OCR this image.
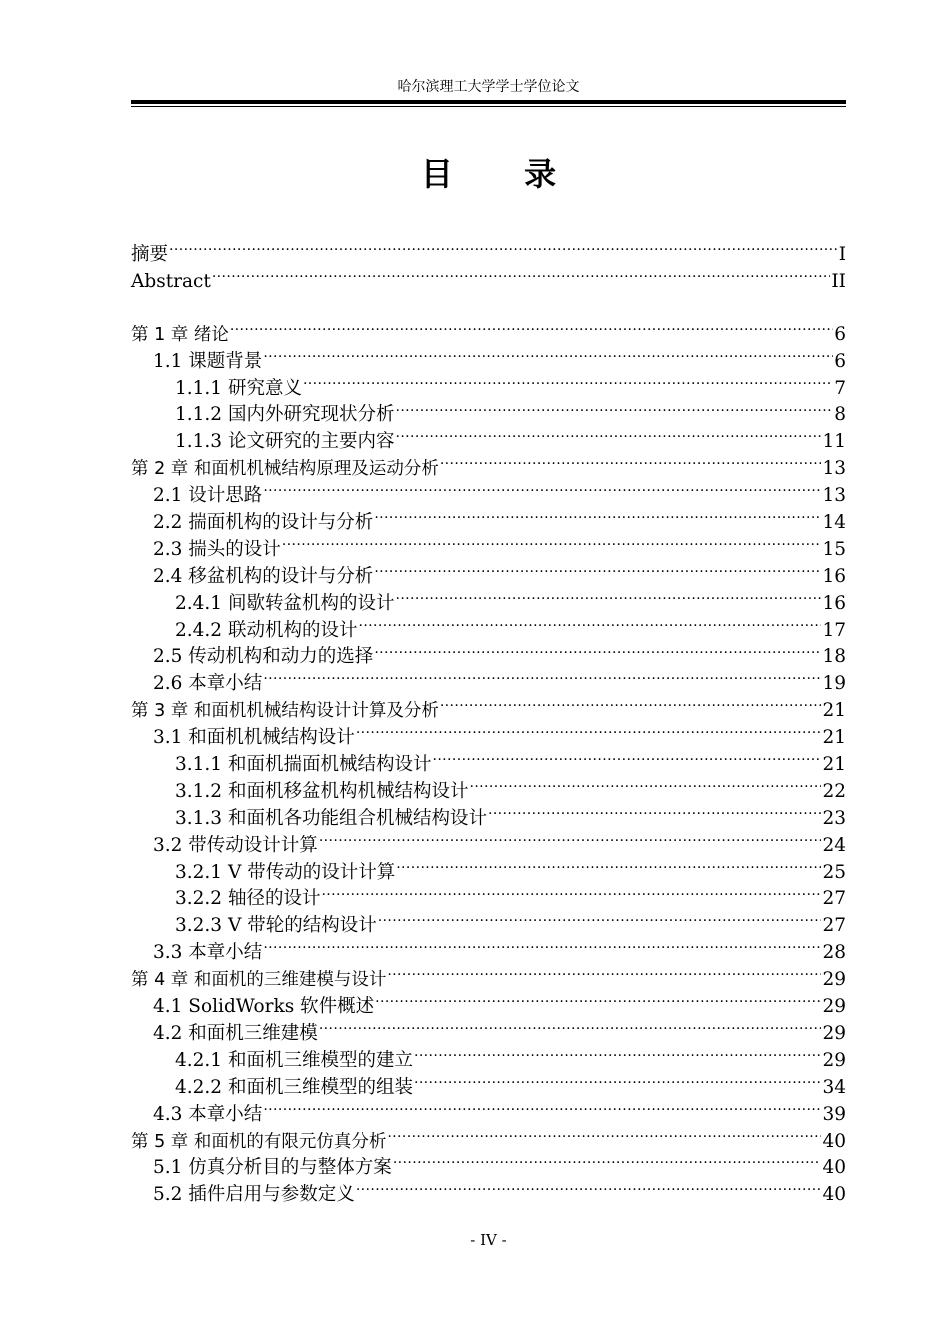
哈尔滨理工大学学士学位论文
目 录
摘要 .....	I
Abstract .....	II
第 1 章 绪论 .....	6
1.1 课题背景 .....	6
1.1.1 研究意义 .....	7
1.1.2 国内外研究现状分析 .....	8
1.1.3 论文研究的主要内容 .....	11
第 2 章 和面机机械结构原理及运动分析 .....	13
2.1 设计思路 .....	13
2.2 揣面机构的设计与分析 .....	14
2.3 揣头的设计 .....	15
2.4 移盆机构的设计与分析 .....	16
2.4.1 间歇转盆机构的设计 .....	16
2.4.2 联动机构的设计 .....	17
2.5 传动机构和动力的选择 .....	18
2.6 本章小结 .....	19
第 3 章 和面机机械结构设计计算及分析 .....	21
3.1 和面机机械结构设计 .....	21
3.1.1 和面机揣面机械结构设计 .....	21
3.1.2 和面机移盆机构机械结构设计 .....	22
3.1.3 和面机各功能组合机械结构设计 .....	23
3.2 带传动设计计算 .....	24
3.2.1 V 带传动的设计计算 .....	25
3.2.2 轴径的设计 .....	27
3.2.3 V 带轮的结构设计 .....	27
3.3 本章小结 .....	28
第 4 章 和面机的三维建模与设计 .....	29
4.1 SolidWorks 软件概述 .....	29
4.2 和面机三维建模 .....	29
4.2.1 和面机三维模型的建立 .....	29
4.2.2 和面机三维模型的组装 .....	34
4.3 本章小结 .....	39
第 5 章 和面机的有限元仿真分析 .....	40
5.1 仿真分析目的与整体方案 .....	40
5.2 插件启用与参数定义 .....	40
- IV -
